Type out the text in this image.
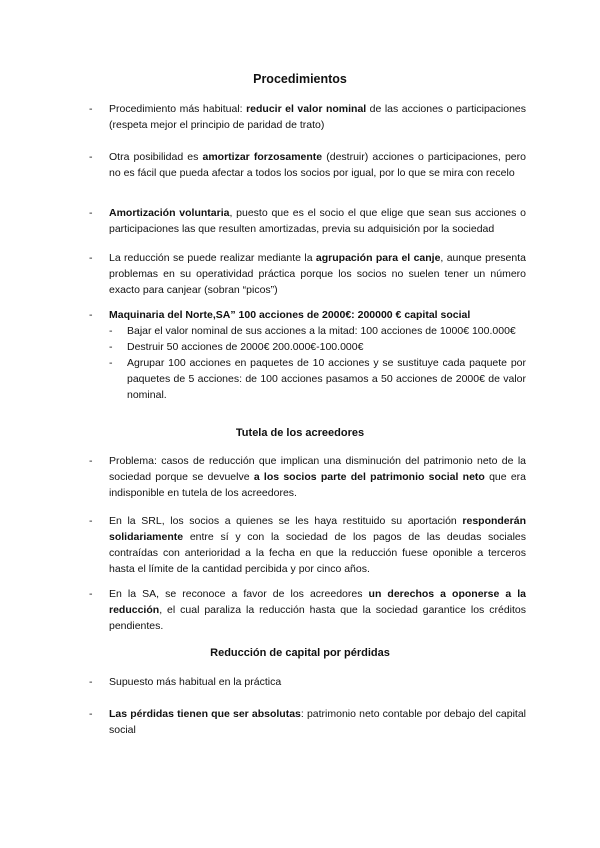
Procedimientos
- Procedimiento más habitual: reducir el valor nominal de las acciones o participaciones (respeta mejor el principio de paridad de trato)
- Otra posibilidad es amortizar forzosamente (destruir) acciones o participaciones, pero no es fácil que pueda afectar a todos los socios por igual, por lo que se mira con recelo
- Amortización voluntaria, puesto que es el socio el que elige que sean sus acciones o participaciones las que resulten amortizadas, previa su adquisición por la sociedad
- La reducción se puede realizar mediante la agrupación para el canje, aunque presenta problemas en su operatividad práctica porque los socios no suelen tener un número exacto para canjear (sobran “picos”)
- Maquinaria del Norte,SA” 100 acciones de 2000€: 200000 € capital social
- Bajar el valor nominal de sus acciones a la mitad: 100 acciones de 1000€ 100.000€
- Destruir 50 acciones de 2000€ 200.000€-100.000€
- Agrupar 100 acciones en paquetes de 10 acciones y se sustituye cada paquete por paquetes de 5 acciones: de 100 acciones pasamos a 50 acciones de 2000€ de valor nominal.
Tutela de los acreedores
- Problema: casos de reducción que implican una disminución del patrimonio neto de la sociedad porque se devuelve a los socios parte del patrimonio social neto que era indisponible en tutela de los acreedores.
- En la SRL, los socios a quienes se les haya restituido su aportación responderán solidariamente entre sí y con la sociedad de los pagos de las deudas sociales contraídas con anterioridad a la fecha en que la reducción fuese oponible a terceros hasta el límite de la cantidad percibida y por cinco años.
- En la SA, se reconoce a favor de los acreedores un derechos a oponerse a la reducción, el cual paraliza la reducción hasta que la sociedad garantice los créditos pendientes.
Reducción de capital por pérdidas
- Supuesto más habitual en la práctica
- Las pérdidas tienen que ser absolutas: patrimonio neto contable por debajo del capital social
